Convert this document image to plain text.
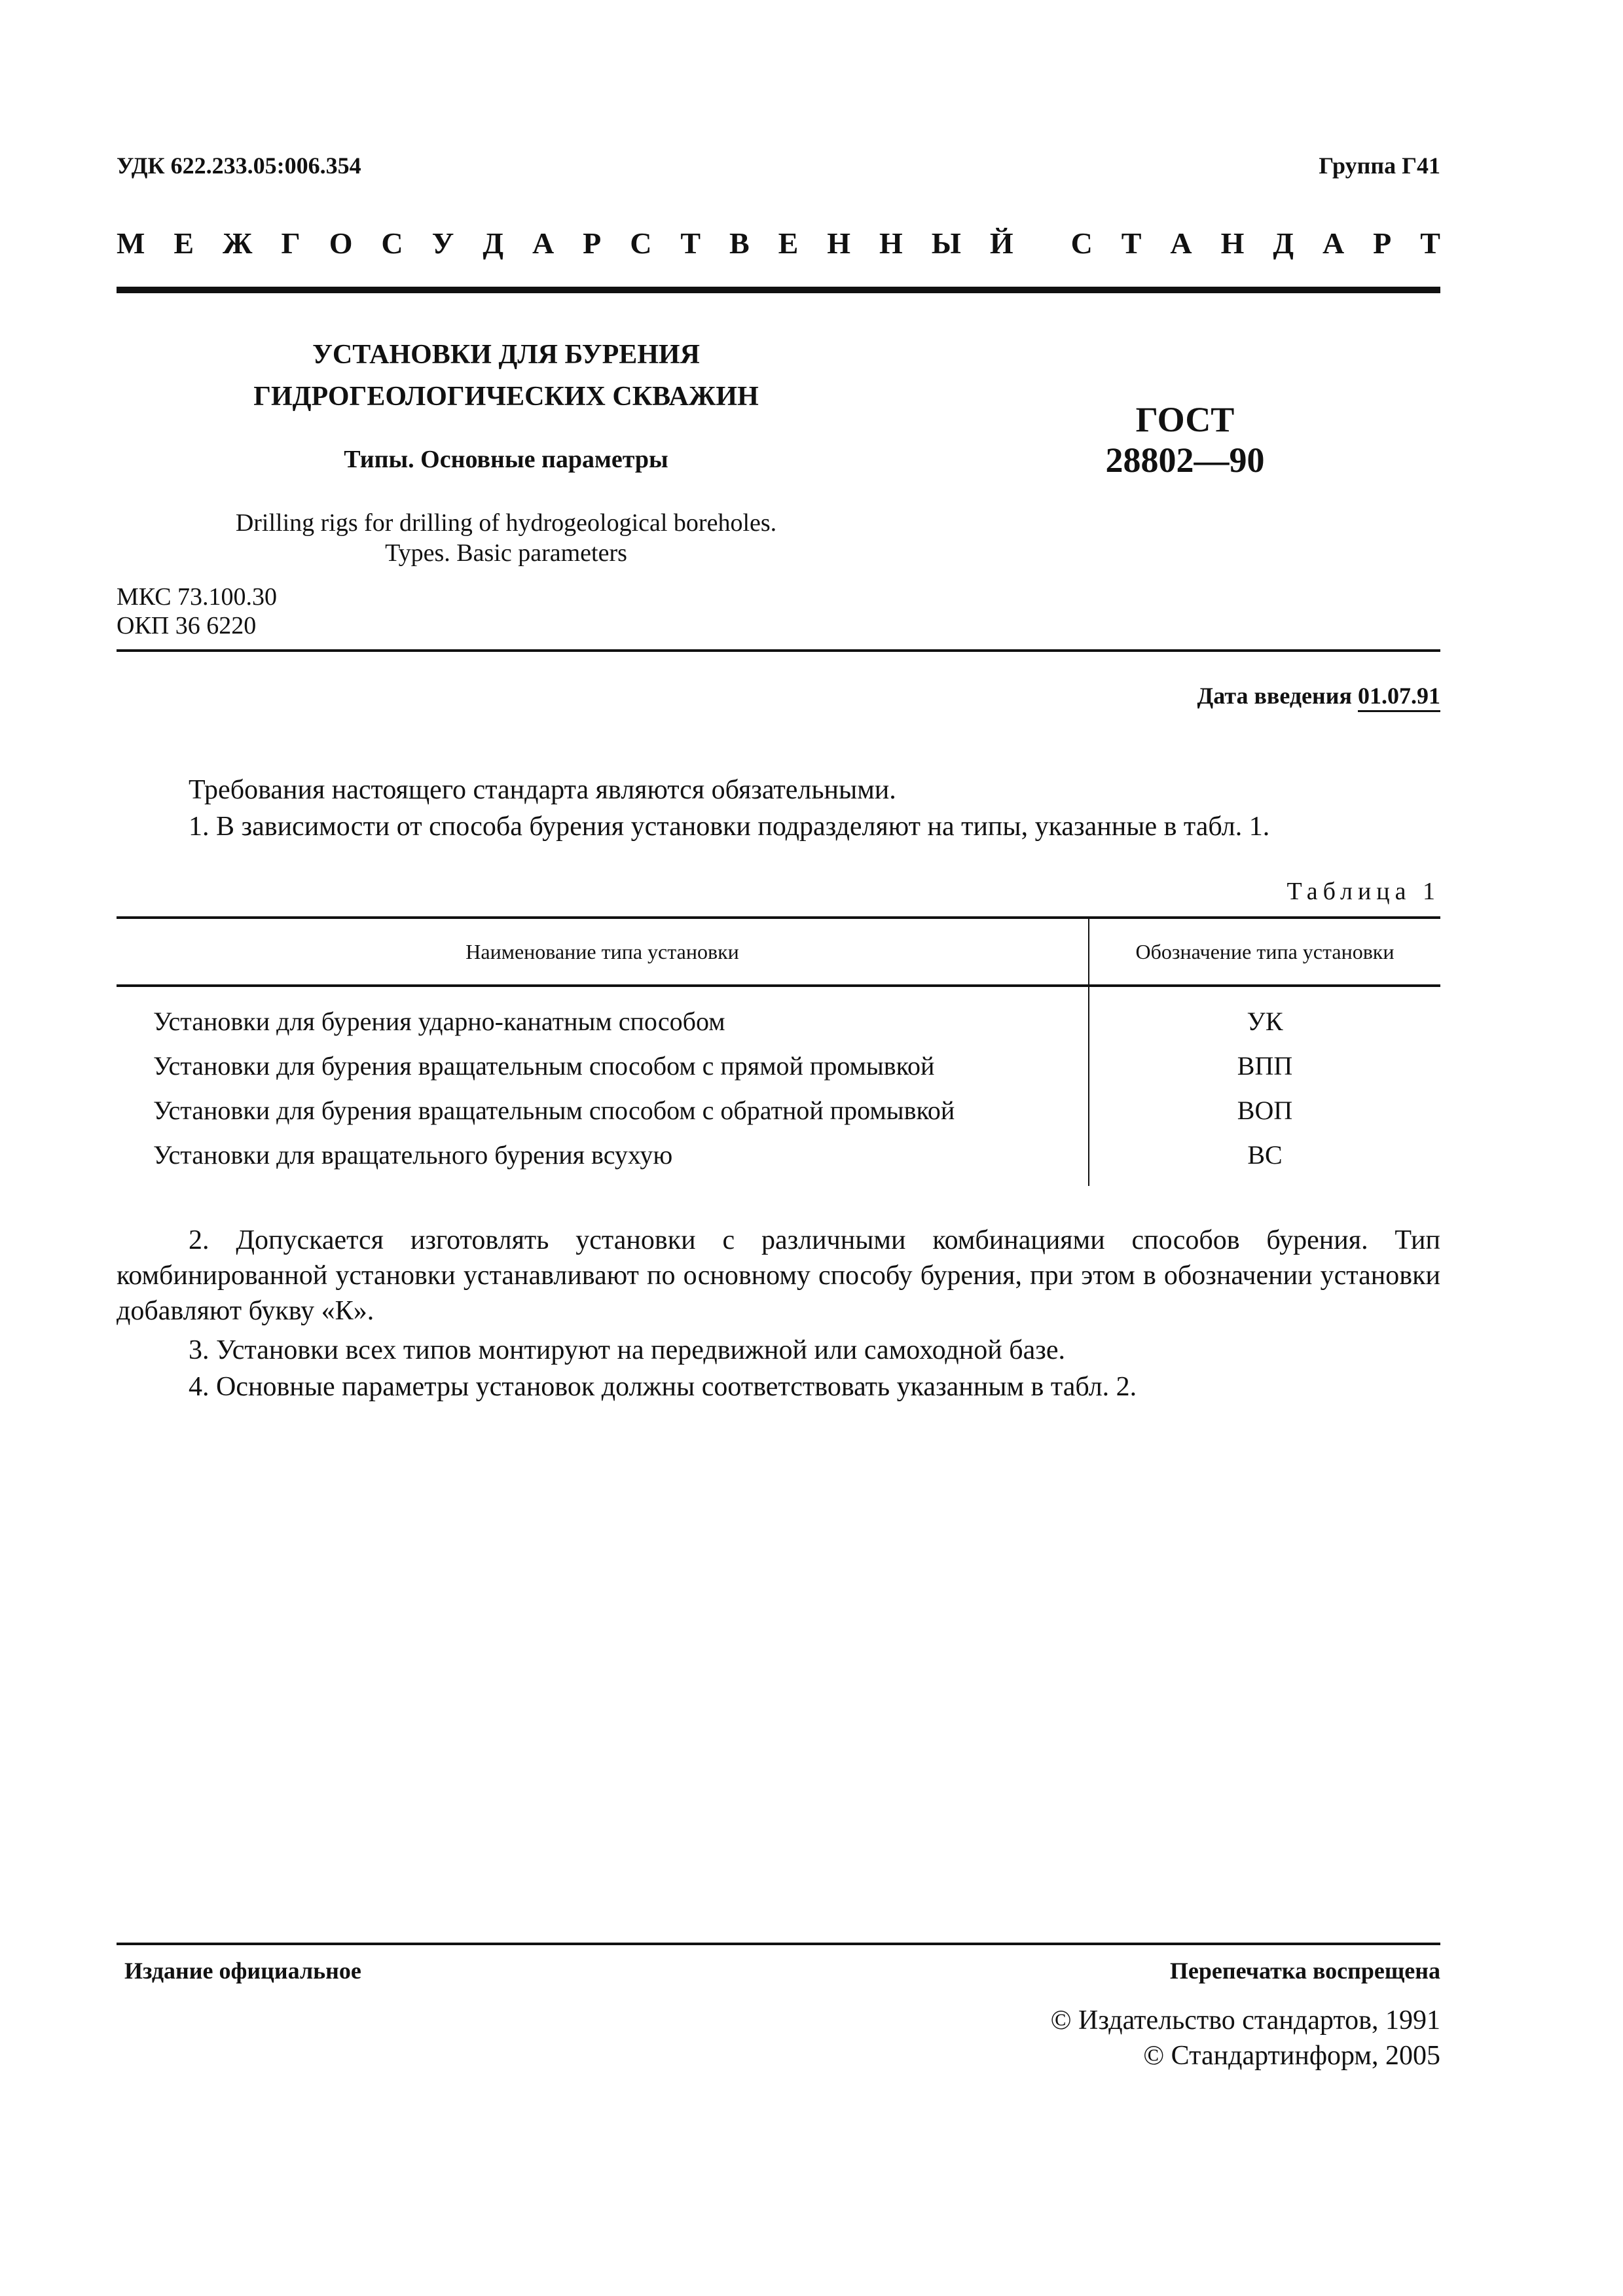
УДК 622.233.05:006.354	Группа Г41
М Е Ж Г О С У Д А Р С Т В Е Н Н Ы Й С Т А Н Д А Р Т
УСТАНОВКИ ДЛЯ БУРЕНИЯ
ГИДРОГЕОЛОГИЧЕСКИХ СКВАЖИН
Типы. Основные параметры
Drilling rigs for drilling of hydrogeological boreholes.
Types. Basic parameters
ГОСТ
28802—90
МКС 73.100.30
ОКП 36 6220
Дата введения 01.07.91
Требования настоящего стандарта являются обязательными.
1. В зависимости от способа бурения установки подразделяют на типы, указанные в табл. 1.
Таблица 1
Наименование типа установки	Обозначение типа установки
Установки для бурения ударно-канатным способом	УК
Установки для бурения вращательным способом с прямой промывкой	ВПП
Установки для бурения вращательным способом с обратной промывкой	ВОП
Установки для вращательного бурения всухую	ВС
2. Допускается изготовлять установки с различными комбинациями способов бурения. Тип комбинированной установки устанавливают по основному способу бурения, при этом в обозначении установки добавляют букву «К».
3. Установки всех типов монтируют на передвижной или самоходной базе.
4. Основные параметры установок должны соответствовать указанным в табл. 2.
Издание официальное	Перепечатка воспрещена
© Издательство стандартов, 1991
© Стандартинформ, 2005
